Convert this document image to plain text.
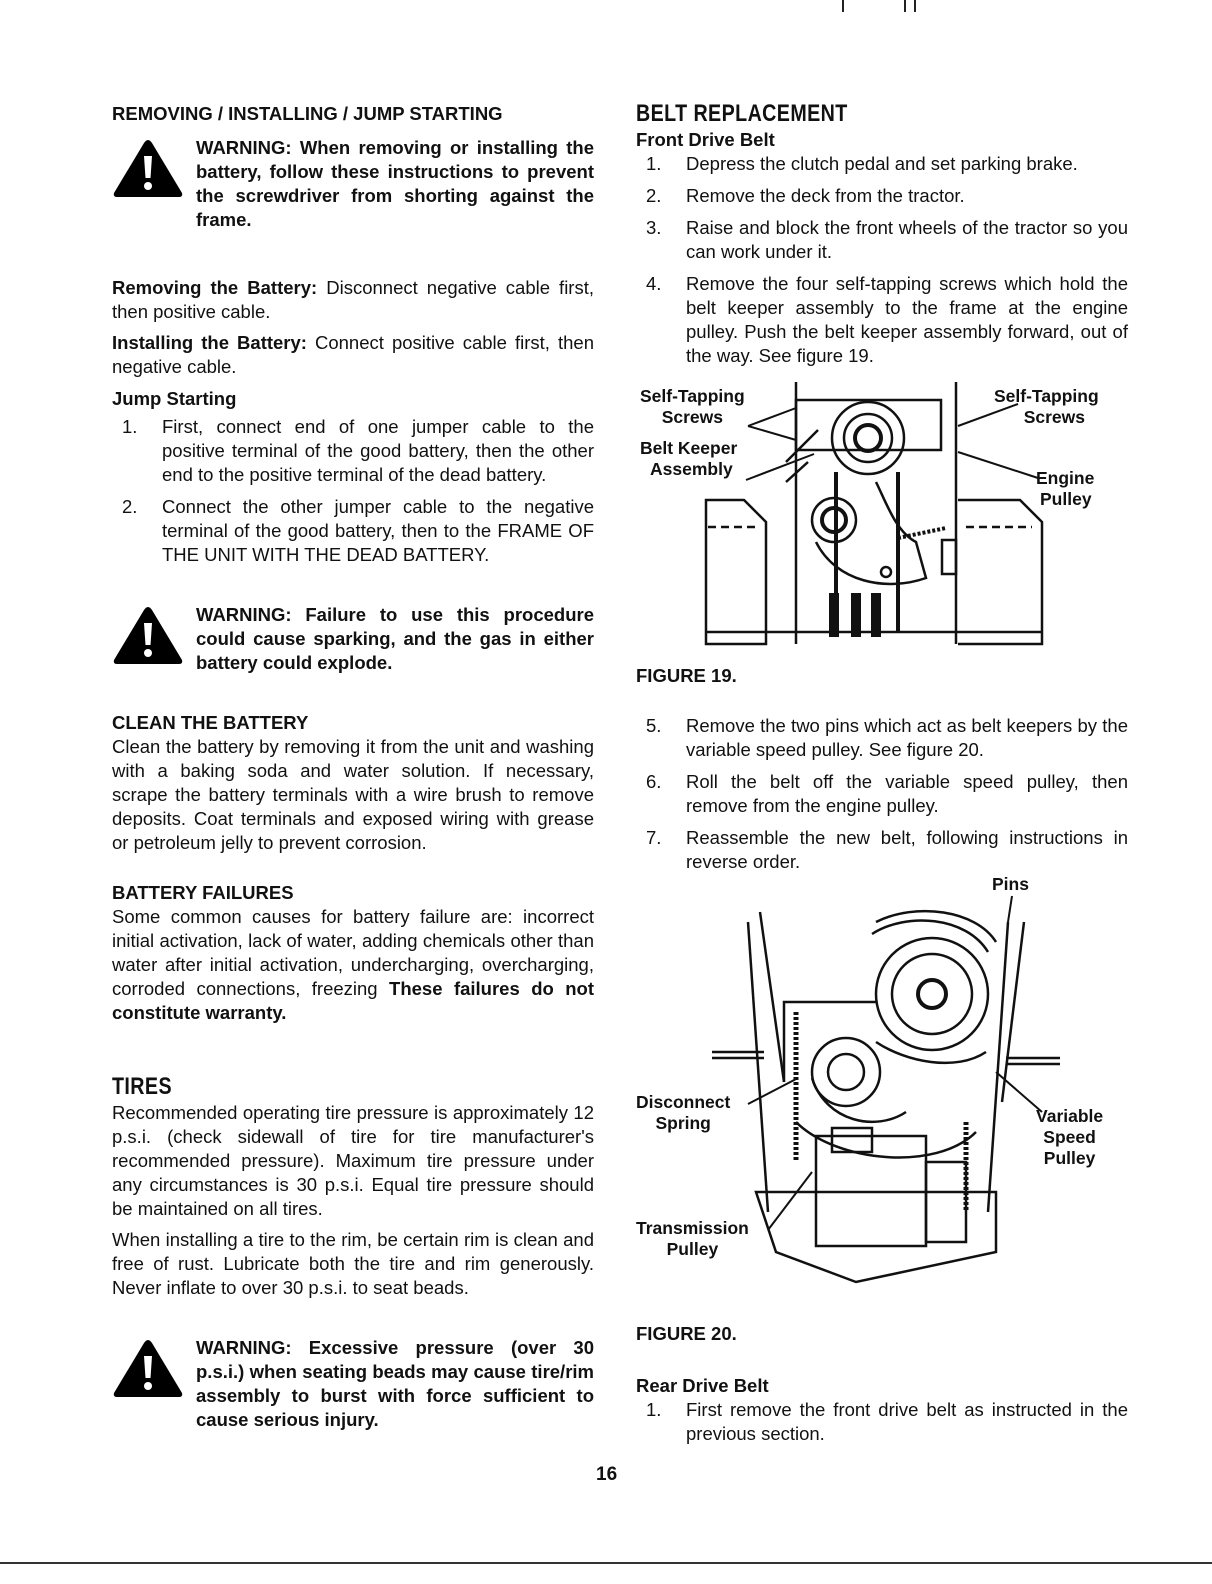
REMOVING / INSTALLING / JUMP STARTING

WARNING: When removing or installing the battery, follow these instructions to prevent the screwdriver from shorting against the frame.

Removing the Battery: Disconnect negative cable first, then positive cable.

Installing the Battery: Connect positive cable first, then negative cable.

Jump Starting

1.	First, connect end of one jumper cable to the positive terminal of the good battery, then the other end to the positive terminal of the dead battery.
2.	Connect the other jumper cable to the negative terminal of the good battery, then to the FRAME OF THE UNIT WITH THE DEAD BATTERY.

WARNING: Failure to use this procedure could cause sparking, and the gas in either battery could explode.

CLEAN THE BATTERY

Clean the battery by removing it from the unit and washing with a baking soda and water solution. If necessary, scrape the battery terminals with a wire brush to remove deposits. Coat terminals and exposed wiring with grease or petroleum jelly to prevent corrosion.

BATTERY FAILURES

Some common causes for battery failure are: incorrect initial activation, lack of water, adding chemicals other than water after initial activation, undercharging, overcharging, corroded connections, freezing These failures do not constitute warranty.

TIRES

Recommended operating tire pressure is approximately 12 p.s.i. (check sidewall of tire for tire manufacturer's recommended pressure). Maximum tire pressure under any circumstances is 30 p.s.i. Equal tire pressure should be maintained on all tires.

When installing a tire to the rim, be certain rim is clean and free of rust. Lubricate both the tire and rim generously. Never inflate to over 30 p.s.i. to seat beads.

WARNING: Excessive pressure (over 30 p.s.i.) when seating beads may cause tire/rim assembly to burst with force sufficient to cause serious injury.

BELT REPLACEMENT

Front Drive Belt

1.	Depress the clutch pedal and set parking brake.
2.	Remove the deck from the tractor.
3.	Raise and block the front wheels of the tractor so you can work under it.
4.	Remove the four self-tapping screws which hold the belt keeper assembly to the frame at the engine pulley. Push the belt keeper assembly forward, out of the way. See figure 19.
Self-Tapping
Screws
Belt Keeper
Assembly
Self-Tapping
Screws
Engine
Pulley

FIGURE 19.

5.	Remove the two pins which act as belt keepers by the variable speed pulley. See figure 20.
6.	Roll the belt off the variable speed pulley, then remove from the engine pulley.
7.	Reassemble the new belt, following instructions in reverse order.
Pins
Disconnect
Spring	Variable
Speed
Pulley
Transmission
Pulley

FIGURE 20.

Rear Drive Belt

1.	First remove the front drive belt as instructed in the previous section.
16
